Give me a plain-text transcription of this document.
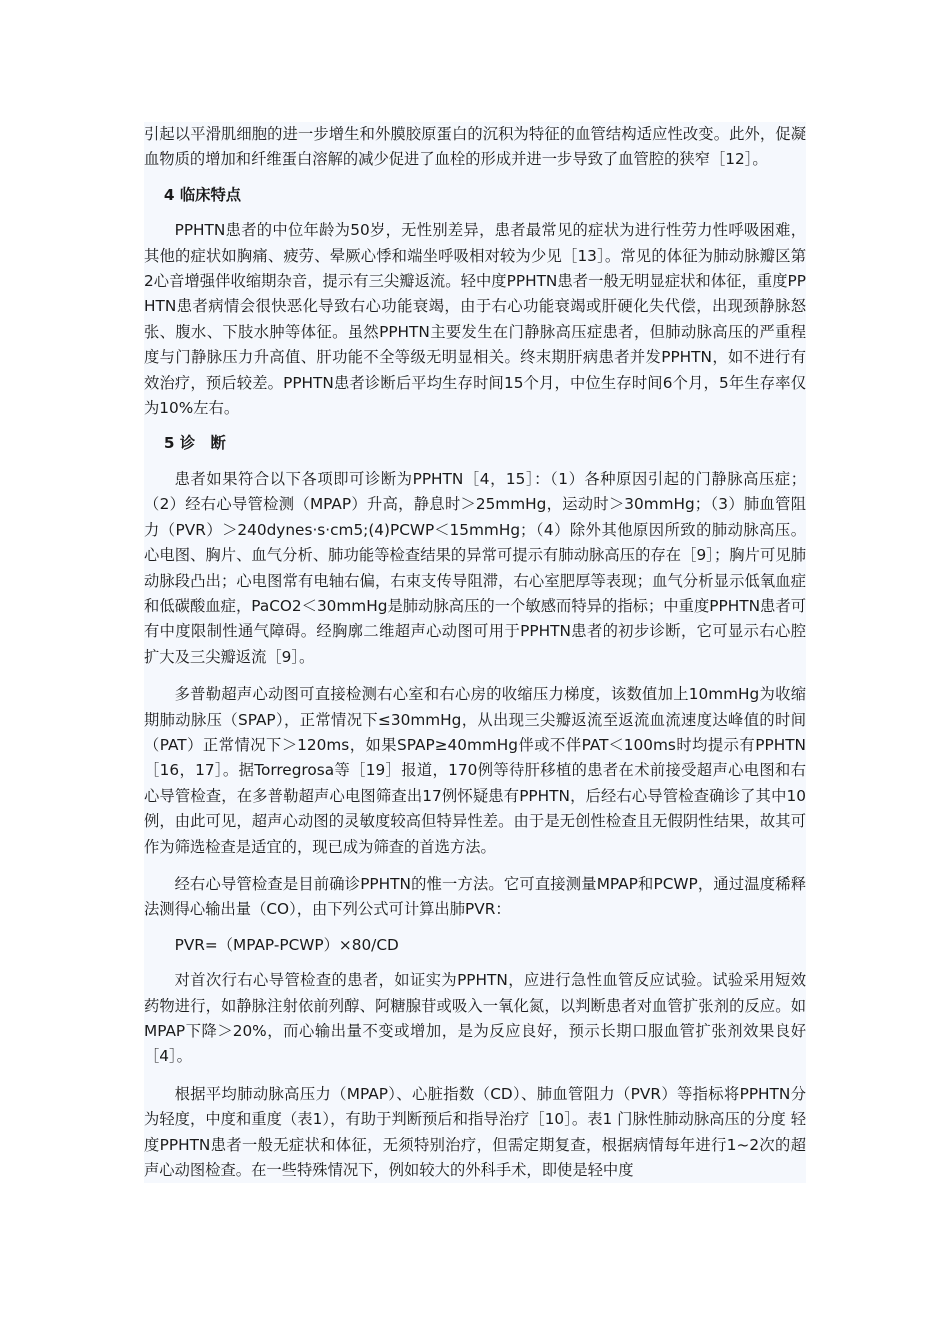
引起以平滑肌细胞的进一步增生和外膜胶原蛋白的沉积为特征的血管结构适应性改变。此外，促凝血物质的增加和纤维蛋白溶解的减少促进了血栓的形成并进一步导致了血管腔的狭窄［12］。

4 临床特点

PPHTN患者的中位年龄为50岁，无性别差异，患者最常见的症状为进行性劳力性呼吸困难，其他的症状如胸痛、疲劳、晕厥心悸和端坐呼吸相对较为少见［13］。常见的体征为肺动脉瓣区第2心音增强伴收缩期杂音，提示有三尖瓣返流。轻中度PPHTN患者一般无明显症状和体征，重度PPHTN患者病情会很快恶化导致右心功能衰竭，由于右心功能衰竭或肝硬化失代偿，出现颈静脉怒张、腹水、下肢水肿等体征。虽然PPHTN主要发生在门静脉高压症患者，但肺动脉高压的严重程度与门静脉压力升高值、肝功能不全等级无明显相关。终末期肝病患者并发PPHTN，如不进行有效治疗，预后较差。PPHTN患者诊断后平均生存时间15个月，中位生存时间6个月，5年生存率仅为10%左右。

5 诊　断

患者如果符合以下各项即可诊断为PPHTN［4，15］：（1）各种原因引起的门静脉高压症；（2）经右心导管检测（MPAP）升高，静息时＞25mmHg，运动时＞30mmHg；（3）肺血管阻力（PVR）＞240dynes·s·cm5;(4)PCWP＜15mmHg；（4）除外其他原因所致的肺动脉高压。心电图、胸片、血气分析、肺功能等检查结果的异常可提示有肺动脉高压的存在［9］；胸片可见肺动脉段凸出；心电图常有电轴右偏，右束支传导阻滞，右心室肥厚等表现；血气分析显示低氧血症和低碳酸血症，PaCO2＜30mmHg是肺动脉高压的一个敏感而特异的指标；中重度PPHTN患者可有中度限制性通气障碍。经胸廓二维超声心动图可用于PPHTN患者的初步诊断，它可显示右心腔扩大及三尖瓣返流［9］。

多普勒超声心动图可直接检测右心室和右心房的收缩压力梯度，该数值加上10mmHg为收缩期肺动脉压（SPAP），正常情况下≤30mmHg，从出现三尖瓣返流至返流血流速度达峰值的时间（PAT）正常情况下＞120ms，如果SPAP≥40mmHg伴或不伴PAT＜100ms时均提示有PPHTN［16，17］。据Torregrosa等［19］报道，170例等待肝移植的患者在术前接受超声心电图和右心导管检查，在多普勒超声心电图筛查出17例怀疑患有PPHTN，后经右心导管检查确诊了其中10例，由此可见，超声心动图的灵敏度较高但特异性差。由于是无创性检查且无假阴性结果，故其可作为筛选检查是适宜的，现已成为筛查的首选方法。

经右心导管检查是目前确诊PPHTN的惟一方法。它可直接测量MPAP和PCWP，通过温度稀释法测得心输出量（CO），由下列公式可计算出肺PVR：

PVR=（MPAP-PCWP）×80/CD

对首次行右心导管检查的患者，如证实为PPHTN，应进行急性血管反应试验。试验采用短效药物进行，如静脉注射依前列醇、阿糖腺苷或吸入一氧化氮，以判断患者对血管扩张剂的反应。如MPAP下降＞20%，而心输出量不变或增加，是为反应良好，预示长期口服血管扩张剂效果良好［4］。

根据平均肺动脉高压力（MPAP）、心脏指数（CD）、肺血管阻力（PVR）等指标将PPHTN分为轻度，中度和重度（表1），有助于判断预后和指导治疗［10］。表1 门脉性肺动脉高压的分度 轻度PPHTN患者一般无症状和体征，无须特别治疗，但需定期复查，根据病情每年进行1~2次的超声心动图检查。在一些特殊情况下，例如较大的外科手术，即使是轻中度
